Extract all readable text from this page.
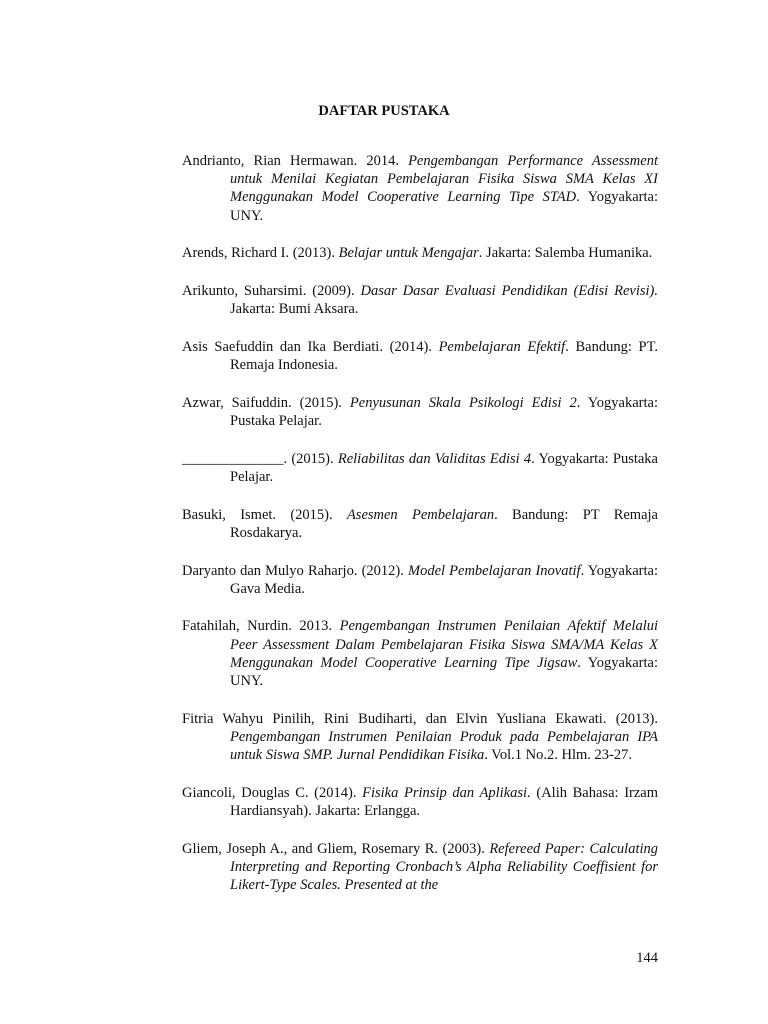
DAFTAR PUSTAKA

Andrianto, Rian Hermawan. 2014. Pengembangan Performance Assessment untuk Menilai Kegiatan Pembelajaran Fisika Siswa SMA Kelas XI Menggunakan Model Cooperative Learning Tipe STAD. Yogyakarta: UNY.

Arends, Richard I. (2013). Belajar untuk Mengajar. Jakarta: Salemba Humanika.

Arikunto, Suharsimi. (2009). Dasar Dasar Evaluasi Pendidikan (Edisi Revisi). Jakarta: Bumi Aksara.

Asis Saefuddin dan Ika Berdiati. (2014). Pembelajaran Efektif. Bandung: PT. Remaja Indonesia.

Azwar, Saifuddin. (2015). Penyusunan Skala Psikologi Edisi 2. Yogyakarta: Pustaka Pelajar.

______________. (2015). Reliabilitas dan Validitas Edisi 4. Yogyakarta: Pustaka Pelajar.

Basuki, Ismet. (2015). Asesmen Pembelajaran. Bandung: PT Remaja Rosdakarya.

Daryanto dan Mulyo Raharjo. (2012). Model Pembelajaran Inovatif. Yogyakarta: Gava Media.

Fatahilah, Nurdin. 2013. Pengembangan Instrumen Penilaian Afektif Melalui Peer Assessment Dalam Pembelajaran Fisika Siswa SMA/MA Kelas X Menggunakan Model Cooperative Learning Tipe Jigsaw. Yogyakarta: UNY.

Fitria Wahyu Pinilih, Rini Budiharti, dan Elvin Yusliana Ekawati. (2013). Pengembangan Instrumen Penilaian Produk pada Pembelajaran IPA untuk Siswa SMP. Jurnal Pendidikan Fisika. Vol.1 No.2. Hlm. 23-27.

Giancoli, Douglas C. (2014). Fisika Prinsip dan Aplikasi. (Alih Bahasa: Irzam Hardiansyah). Jakarta: Erlangga.

Gliem, Joseph A., and Gliem, Rosemary R. (2003). Refereed Paper: Calculating Interpreting and Reporting Cronbach’s Alpha Reliability Coeffisient for Likert-Type Scales. Presented at the

144
